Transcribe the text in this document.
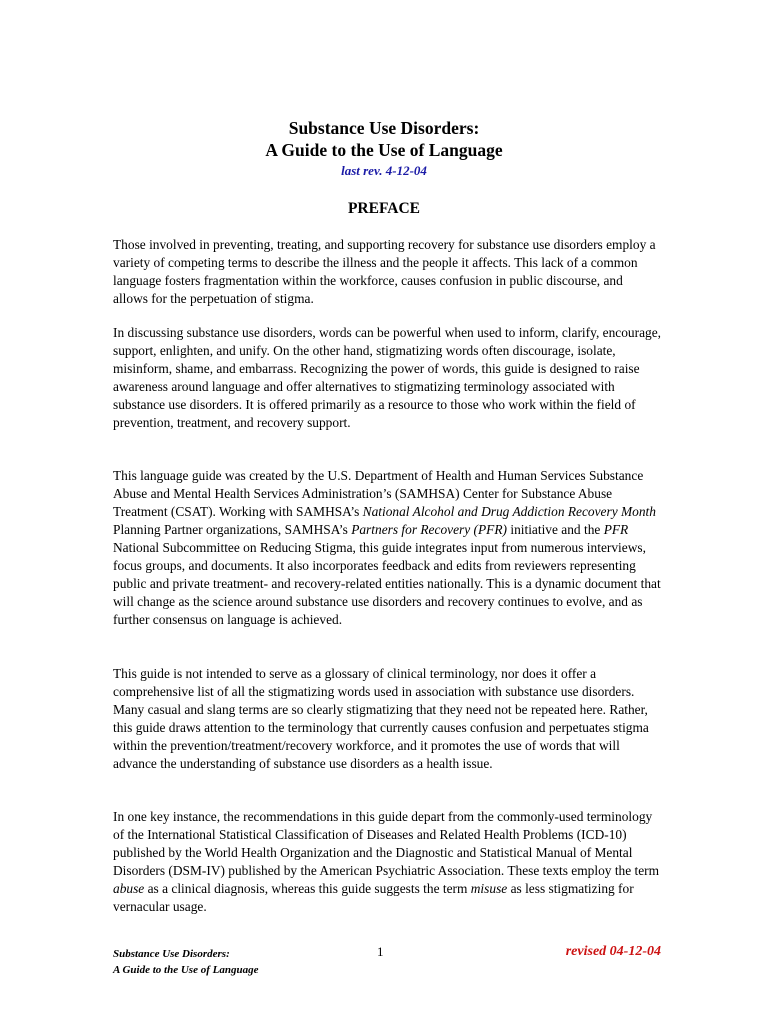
Substance Use Disorders:
A Guide to the Use of Language
last rev. 4-12-04
PREFACE

Those involved in preventing, treating, and supporting recovery for substance use disorders employ a variety of competing terms to describe the illness and the people it affects. This lack of a common language fosters fragmentation within the workforce, causes confusion in public discourse, and allows for the perpetuation of stigma.

In discussing substance use disorders, words can be powerful when used to inform, clarify, encourage, support, enlighten, and unify. On the other hand, stigmatizing words often discourage, isolate, misinform, shame, and embarrass. Recognizing the power of words, this guide is designed to raise awareness around language and offer alternatives to stigmatizing terminology associated with substance use disorders. It is offered primarily as a resource to those who work within the field of prevention, treatment, and recovery support.

This language guide was created by the U.S. Department of Health and Human Services Substance Abuse and Mental Health Services Administration’s (SAMHSA) Center for Substance Abuse Treatment (CSAT). Working with SAMHSA’s National Alcohol and Drug Addiction Recovery Month Planning Partner organizations, SAMHSA’s Partners for Recovery (PFR) initiative and the PFR National Subcommittee on Reducing Stigma, this guide integrates input from numerous interviews, focus groups, and documents. It also incorporates feedback and edits from reviewers representing public and private treatment- and recovery-related entities nationally. This is a dynamic document that will change as the science around substance use disorders and recovery continues to evolve, and as further consensus on language is achieved.

This guide is not intended to serve as a glossary of clinical terminology, nor does it offer a comprehensive list of all the stigmatizing words used in association with substance use disorders. Many casual and slang terms are so clearly stigmatizing that they need not be repeated here. Rather, this guide draws attention to the terminology that currently causes confusion and perpetuates stigma within the prevention/treatment/recovery workforce, and it promotes the use of words that will advance the understanding of substance use disorders as a health issue.

In one key instance, the recommendations in this guide depart from the commonly-used terminology of the International Statistical Classification of Diseases and Related Health Problems (ICD-10) published by the World Health Organization and the Diagnostic and Statistical Manual of Mental Disorders (DSM-IV) published by the American Psychiatric Association. These texts employ the term abuse as a clinical diagnosis, whereas this guide suggests the term misuse as less stigmatizing for vernacular usage.

Substance Use Disorders:
A Guide to the Use of Language
1	revised 04-12-04
